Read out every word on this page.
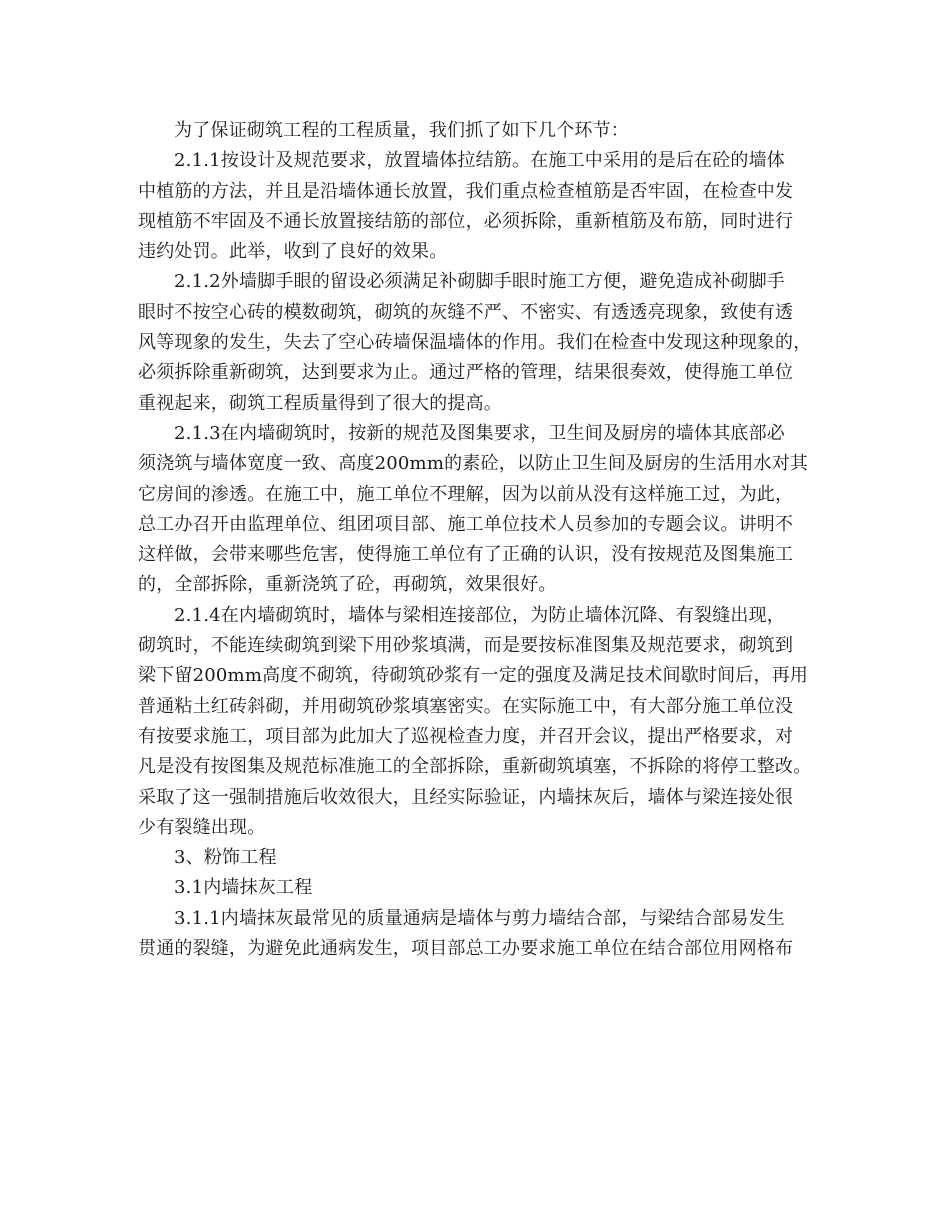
为了保证砌筑工程的工程质量，我们抓了如下几个环节：
2.1.1按设计及规范要求，放置墙体拉结筋。在施工中采用的是后在砼的墙体
中植筋的方法，并且是沿墙体通长放置，我们重点检查植筋是否牢固，在检查中发
现植筋不牢固及不通长放置接结筋的部位，必须拆除，重新植筋及布筋，同时进行
违约处罚。此举，收到了良好的效果。
2.1.2外墙脚手眼的留设必须满足补砌脚手眼时施工方便，避免造成补砌脚手
眼时不按空心砖的模数砌筑，砌筑的灰缝不严、不密实、有透透亮现象，致使有透
风等现象的发生，失去了空心砖墙保温墙体的作用。我们在检查中发现这种现象的，
必须拆除重新砌筑，达到要求为止。通过严格的管理，结果很奏效，使得施工单位
重视起来，砌筑工程质量得到了很大的提高。
2.1.3在内墙砌筑时，按新的规范及图集要求，卫生间及厨房的墙体其底部必
须浇筑与墙体宽度一致、高度200mm的素砼，以防止卫生间及厨房的生活用水对其
它房间的渗透。在施工中，施工单位不理解，因为以前从没有这样施工过，为此，
总工办召开由监理单位、组团项目部、施工单位技术人员参加的专题会议。讲明不
这样做，会带来哪些危害，使得施工单位有了正确的认识，没有按规范及图集施工
的，全部拆除，重新浇筑了砼，再砌筑，效果很好。
2.1.4在内墙砌筑时，墙体与梁相连接部位，为防止墙体沉降、有裂缝出现，
砌筑时，不能连续砌筑到梁下用砂浆填满，而是要按标准图集及规范要求，砌筑到
梁下留200mm高度不砌筑，待砌筑砂浆有一定的强度及满足技术间歇时间后，再用
普通粘土红砖斜砌，并用砌筑砂浆填塞密实。在实际施工中，有大部分施工单位没
有按要求施工，项目部为此加大了巡视检查力度，并召开会议，提出严格要求，对
凡是没有按图集及规范标准施工的全部拆除，重新砌筑填塞，不拆除的将停工整改。
采取了这一强制措施后收效很大，且经实际验证，内墙抹灰后，墙体与梁连接处很
少有裂缝出现。
3、粉饰工程
3.1内墙抹灰工程
3.1.1内墙抹灰最常见的质量通病是墙体与剪力墙结合部，与梁结合部易发生
贯通的裂缝，为避免此通病发生，项目部总工办要求施工单位在结合部位用网格布
